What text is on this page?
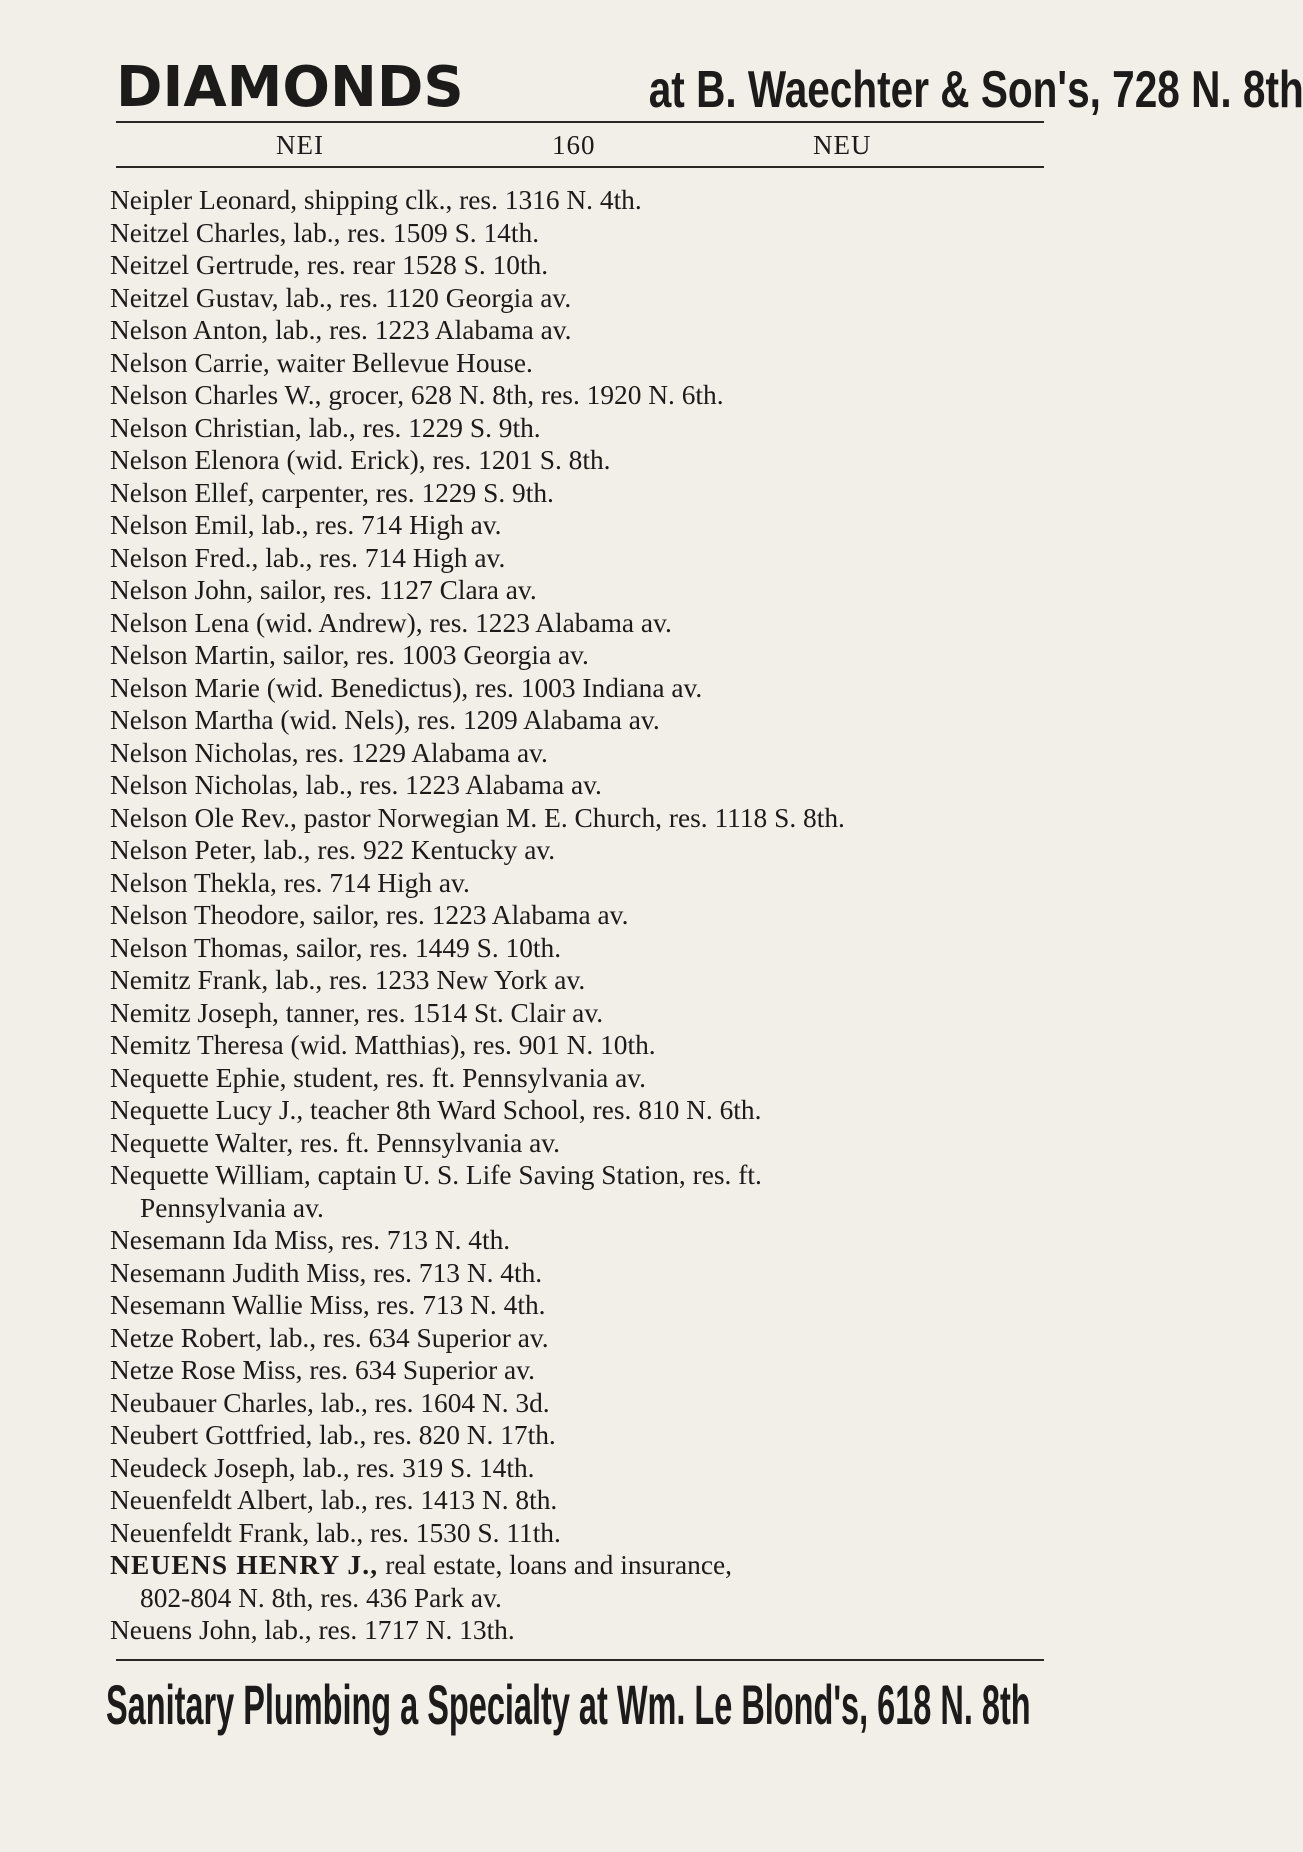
DIAMONDS	at B. Waechter & Son's, 728 N. 8th
NEI	160	NEU
Neipler Leonard, shipping clk., res. 1316 N. 4th.
Neitzel Charles, lab., res. 1509 S. 14th.
Neitzel Gertrude, res. rear 1528 S. 10th.
Neitzel Gustav, lab., res. 1120 Georgia av.
Nelson Anton, lab., res. 1223 Alabama av.
Nelson Carrie, waiter Bellevue House.
Nelson Charles W., grocer, 628 N. 8th, res. 1920 N. 6th.
Nelson Christian, lab., res. 1229 S. 9th.
Nelson Elenora (wid. Erick), res. 1201 S. 8th.
Nelson Ellef, carpenter, res. 1229 S. 9th.
Nelson Emil, lab., res. 714 High av.
Nelson Fred., lab., res. 714 High av.
Nelson John, sailor, res. 1127 Clara av.
Nelson Lena (wid. Andrew), res. 1223 Alabama av.
Nelson Martin, sailor, res. 1003 Georgia av.
Nelson Marie (wid. Benedictus), res. 1003 Indiana av.
Nelson Martha (wid. Nels), res. 1209 Alabama av.
Nelson Nicholas, res. 1229 Alabama av.
Nelson Nicholas, lab., res. 1223 Alabama av.
Nelson Ole Rev., pastor Norwegian M. E. Church, res. 1118 S. 8th.
Nelson Peter, lab., res. 922 Kentucky av.
Nelson Thekla, res. 714 High av.
Nelson Theodore, sailor, res. 1223 Alabama av.
Nelson Thomas, sailor, res. 1449 S. 10th.
Nemitz Frank, lab., res. 1233 New York av.
Nemitz Joseph, tanner, res. 1514 St. Clair av.
Nemitz Theresa (wid. Matthias), res. 901 N. 10th.
Nequette Ephie, student, res. ft. Pennsylvania av.
Nequette Lucy J., teacher 8th Ward School, res. 810 N. 6th.
Nequette Walter, res. ft. Pennsylvania av.
Nequette William, captain U. S. Life Saving Station, res. ft.
Pennsylvania av.
Nesemann Ida Miss, res. 713 N. 4th.
Nesemann Judith Miss, res. 713 N. 4th.
Nesemann Wallie Miss, res. 713 N. 4th.
Netze Robert, lab., res. 634 Superior av.
Netze Rose Miss, res. 634 Superior av.
Neubauer Charles, lab., res. 1604 N. 3d.
Neubert Gottfried, lab., res. 820 N. 17th.
Neudeck Joseph, lab., res. 319 S. 14th.
Neuenfeldt Albert, lab., res. 1413 N. 8th.
Neuenfeldt Frank, lab., res. 1530 S. 11th.
NEUENS HENRY J., real estate, loans and insurance,
802-804 N. 8th, res. 436 Park av.
Neuens John, lab., res. 1717 N. 13th.
Sanitary Plumbing a Specialty at Wm. Le Blond's, 618 N. 8th
